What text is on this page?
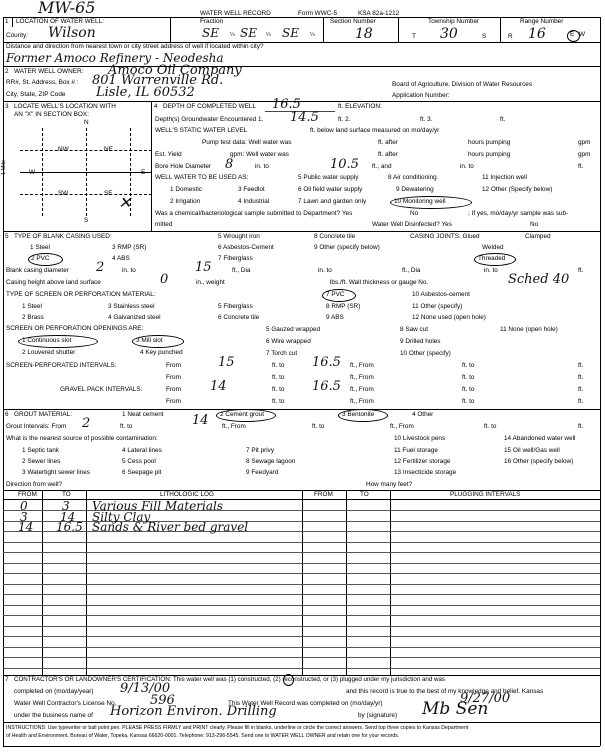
MW-65	WATER WELL RECORD	Form WWC-5	KSA 82a-1212
1 LOCATION OF WATER WELL:	Fraction	Section Number	Township Number	Range Number
County: Wilson	SE ¼ SE ¼ SE ¼	18	T 30	S	R 16	E W
Distance and direction from nearest town or city street address of well if located within city?
Former Amoco Refinery - Neodesha
2 WATER WELL OWNER: Amoco Oil Company
RR#, St. Address, Box # : 801 Warrenville Rd.	Board of Agriculture, Division of Water Resources
City, State, ZIP Code Lisle, IL 60532	Application Number:
3 LOCATE WELL'S LOCATION WITH
AN "X" IN SECTION BOX:
N
NW	NE
SW	SE
W	E
S
1 Mile
✕
4 DEPTH OF COMPLETED WELL 16.5	ft. ELEVATION:
Depth(s) Groundwater Encountered 1. 14.5	ft. 2.	ft. 3.	ft.
WELL'S STATIC WATER LEVEL	ft. below land surface measured on mo/day/yr
Pump test data: Well water was	ft. after	hours pumping	gpm
Est. Yield	gpm: Well water was	ft. after	hours pumping	gpm
Bore Hole Diameter 8	in. to	10.5 ft., and	in. to	ft.
WELL WATER TO BE USED AS:	5 Public water supply	8 Air conditioning	11 Injection well
1 Domestic	3 Feedlot	6 Oil field water supply	9 Dewatering	12 Other (Specify below)
2 Irrigation	4 Industrial	7 Lawn and garden only	10 Monitoring well
Was a chemical/bacteriological sample submitted to Department? Yes	No	; If yes, mo/day/yr sample was sub-
mitted	Water Well Disinfected? Yes	No
5 TYPE OF BLANK CASING USED:	5 Wrought iron	8 Concrete tile	CASING JOINTS: Glued	Clamped
1 Steel	3 RMP (SR)	6 Asbestos-Cement	9 Other (specify below)	Welded
2 PVC	4 ABS	7 Fiberglass	Threaded
Blank casing diameter 2	in. to	15	ft., Dia	in. to	ft., Dia	in. to	ft.
Casing height above land surface	0	in., weight	lbs./ft. Wall thickness or gauge No.	Sched 40
TYPE OF SCREEN OR PERFORATION MATERIAL:	7 PVC	10 Asbestos-cement
1 Steel	3 Stainless steel	5 Fiberglass	8 RMP (SR)	11 Other (specify)
2 Brass	4 Galvanized steel	6 Concrete tile	9 ABS	12 None used (open hole)
SCREEN OR PERFORATION OPENINGS ARE:	5 Gauzed wrapped	8 Saw cut	11 None (open hole)
1 Continuous slot	3 Mill slot	6 Wire wrapped	9 Drilled holes
2 Louvered shutter	4 Key punched	7 Torch cut	10 Other (specify)
SCREEN-PERFORATED INTERVALS:	From	15	ft. to 16.5 ft., From	ft. to	ft.
From	ft. to	ft., From	ft. to	ft.
GRAVEL PACK INTERVALS:	From 14	ft. to 16.5 ft., From	ft. to	ft.
From	ft. to	ft., From	ft. to	ft.
6 GROUT MATERIAL:	1 Neat cement	2 Cement grout	3 Bentonite	4 Other
Grout Intervals: From 2	ft. to	14 ft., From	ft. to	ft., From	ft. to	ft.
What is the nearest source of possible contamination:	10 Livestock pens	14 Abandoned water well
1 Septic tank	4 Lateral lines	7 Pit privy	11 Fuel storage	15 Oil well/Gas well
2 Sewer lines	5 Cess pool	8 Sewage lagoon	12 Fertilizer storage	16 Other (specify below)
3 Watertight sewer lines	6 Seepage pit	9 Feedyard	13 Insecticide storage
Direction from well?	How many feet?
FROM	TO	LITHOLOGIC LOG	FROM	TO	PLUGGING INTERVALS
0	3 Various Fill Materials
3	14 Silty Clay
14 16.5 Sands & River bed gravel
7 CONTRACTOR'S OR LANDOWNER'S CERTIFICATION: This water well was (1) constructed, (2) reconstructed, or (3) plugged under my jurisdiction and was
completed on (mo/day/year) 9/13/00	and this record is true to the best of my knowledge and belief. Kansas
Water Well Contractor's License No.	596	This Water Well Record was completed on (mo/day/yr)	9/27/00
under the business name of Horizon Environ. Drilling	by (signature) Mb Sen
INSTRUCTIONS: Use typewriter or ball point pen. PLEASE PRESS FIRMLY and PRINT clearly. Please fill in blanks, underline or circle the correct answers. Send top three copies to Kansas Department
of Health and Environment, Bureau of Water, Topeka, Kansas 66620-0001. Telephone: 913-296-5545. Send one to WATER WELL OWNER and retain one for your records.
